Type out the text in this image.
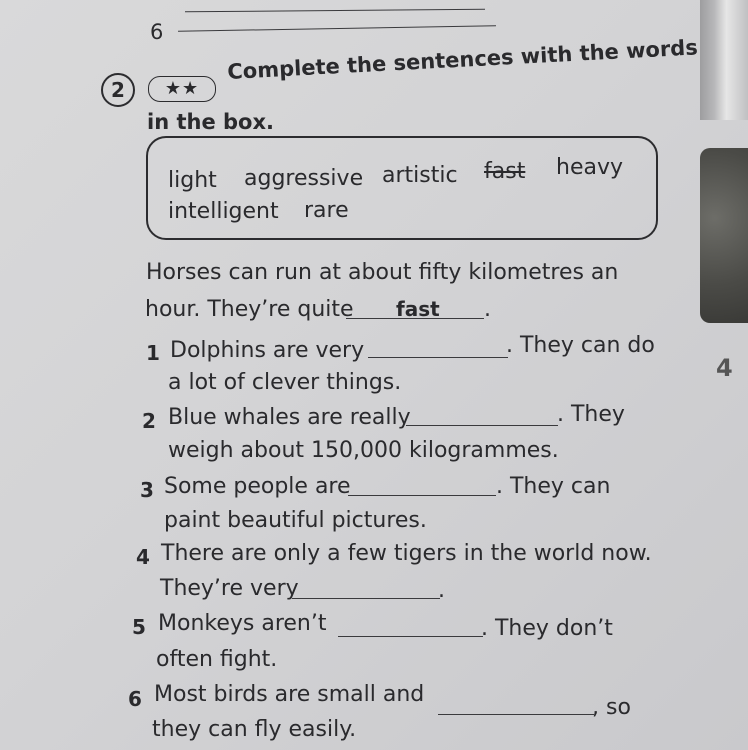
6
2	★★
Complete the sentences with the words
in the box.
light aggressive artistic fast heavy
intelligent rare
Horses can run at about fifty kilometres an
hour. They’re quite fast .
1 Dolphins are very	. They can do
a lot of clever things.
2 Blue whales are really	. They
weigh about 150,000 kilogrammes.
3 Some people are	. They can
paint beautiful pictures.
4 There are only a few tigers in the world now.
They’re very	.
5 Monkeys aren’t	. They don’t
often fight.
6 Most birds are small and
, so
they can fly easily.
4
